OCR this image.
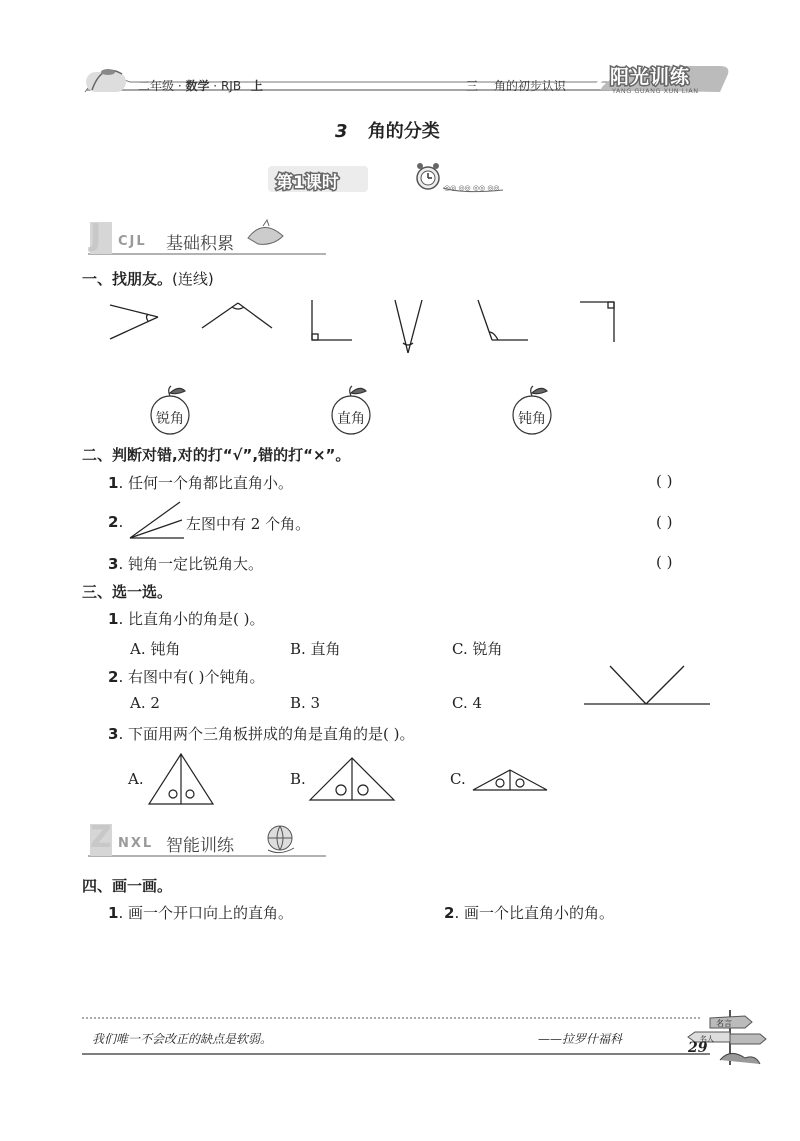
二年级 · 数学 · RJB 上	三 角的初步认识 阳光训练
YANG GUANG XUN LIAN
3 角的分类
◎◎ ◎◎ ◎◎ ◎◎
第1课时
J CJL 基础积累
一、找朋友。(连线)
锐角	直角	钝角
二、判断对错,对的打“√”,错的打“×”。
1. 任何一个角都比直角小。	( )
2.	左图中有 2 个角。	( )
3. 钝角一定比锐角大。	( )
三、选一选。
1. 比直角小的角是( )。
A. 钝角	B. 直角	C. 锐角
2. 右图中有( )个钝角。
A. 2	B. 3	C. 4
3. 下面用两个三角板拼成的角是直角的是( )。
A.	B.	C.
Z NXL 智能训练
四、画一画。
1. 画一个开口向上的直角。	2. 画一个比直角小的角。
名言
名人
我们唯一不会改正的缺点是软弱。	——拉罗什福科
29
